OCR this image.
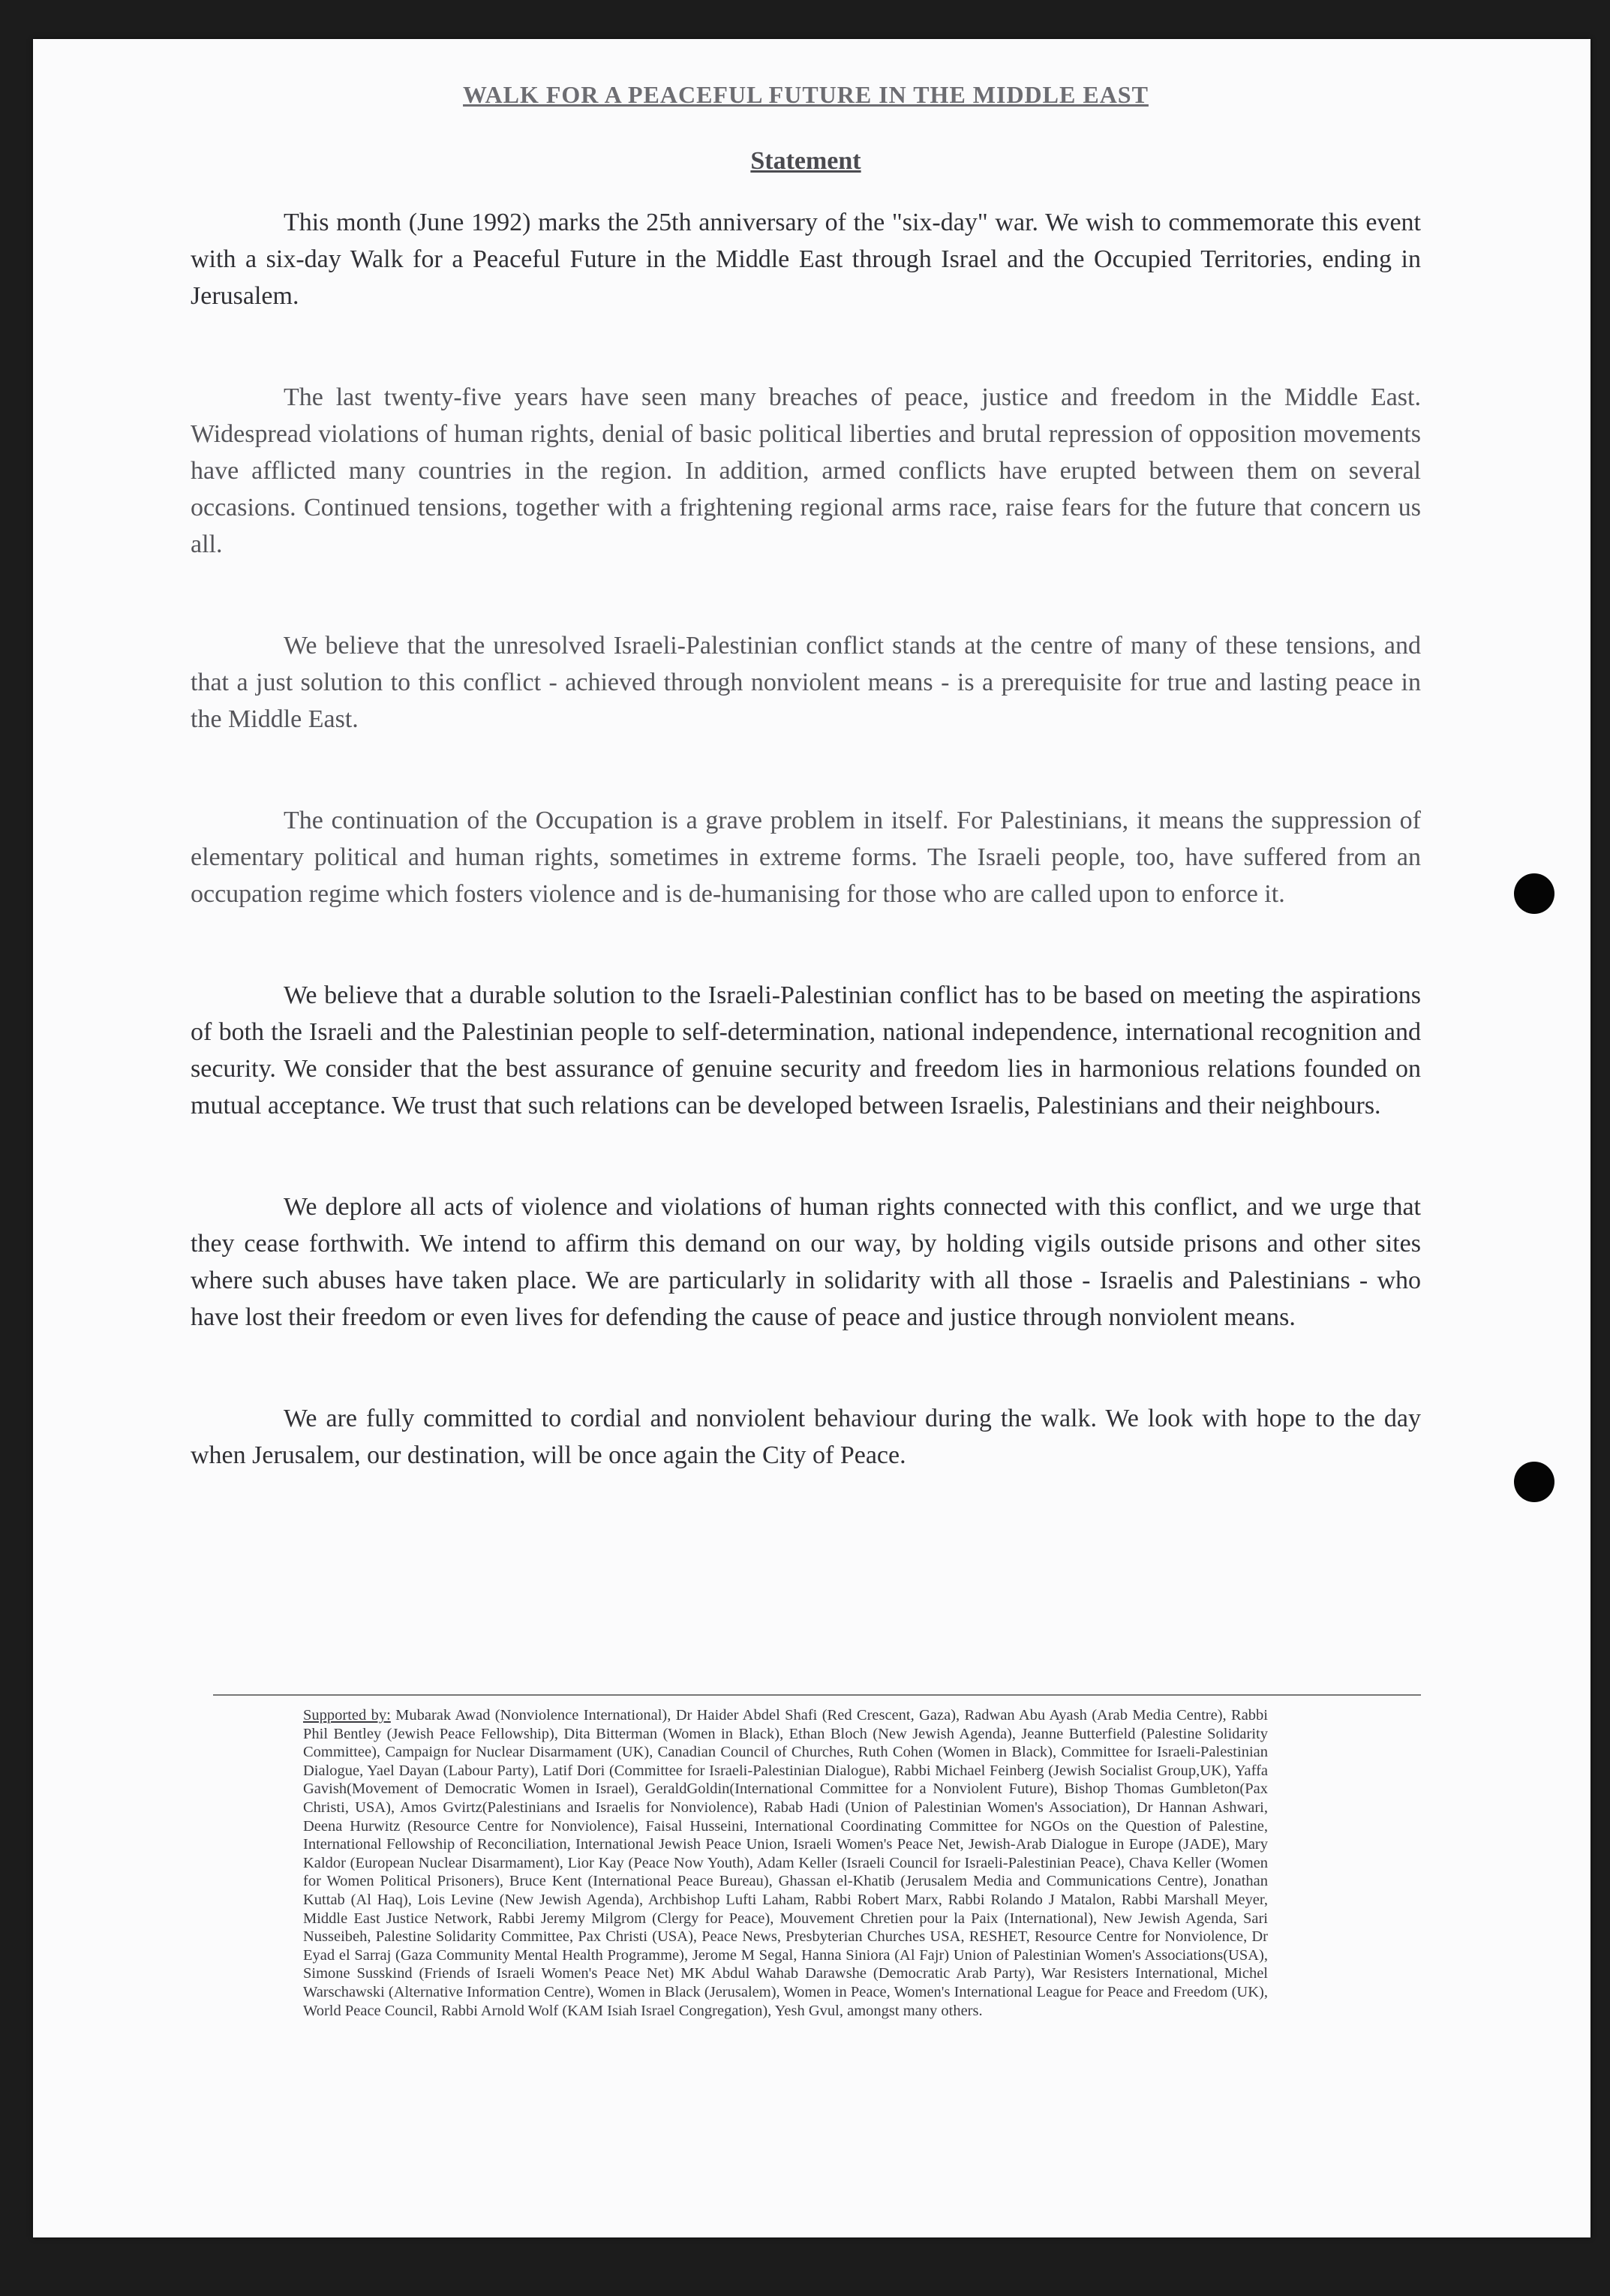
WALK FOR A PEACEFUL FUTURE IN THE MIDDLE EAST
Statement

This month (June 1992) marks the 25th anniversary of the "six-day" war. We wish to commemorate this event with a six-day Walk for a Peaceful Future in the Middle East through Israel and the Occupied Territories, ending in Jerusalem.

The last twenty-five years have seen many breaches of peace, justice and freedom in the Middle East. Widespread violations of human rights, denial of basic political liberties and brutal repression of opposition movements have afflicted many countries in the region. In addition, armed conflicts have erupted between them on several occasions. Continued tensions, together with a frightening regional arms race, raise fears for the future that concern us all.

We believe that the unresolved Israeli-Palestinian conflict stands at the centre of many of these tensions, and that a just solution to this conflict - achieved through nonviolent means - is a prerequisite for true and lasting peace in the Middle East.

The continuation of the Occupation is a grave problem in itself. For Palestinians, it means the suppression of elementary political and human rights, sometimes in extreme forms. The Israeli people, too, have suffered from an occupation regime which fosters violence and is de-humanising for those who are called upon to enforce it.

We believe that a durable solution to the Israeli-Palestinian conflict has to be based on meeting the aspirations of both the Israeli and the Palestinian people to self-determination, national independence, international recognition and security. We consider that the best assurance of genuine security and freedom lies in harmonious relations founded on mutual acceptance. We trust that such relations can be developed between Israelis, Palestinians and their neighbours.

We deplore all acts of violence and violations of human rights connected with this conflict, and we urge that they cease forthwith. We intend to affirm this demand on our way, by holding vigils outside prisons and other sites where such abuses have taken place. We are particularly in solidarity with all those - Israelis and Palestinians - who have lost their freedom or even lives for defending the cause of peace and justice through nonviolent means.

We are fully committed to cordial and nonviolent behaviour during the walk. We look with hope to the day when Jerusalem, our destination, will be once again the City of Peace.

Supported by: Mubarak Awad (Nonviolence International), Dr Haider Abdel Shafi (Red Crescent, Gaza), Radwan Abu Ayash (Arab Media Centre), Rabbi Phil Bentley (Jewish Peace Fellowship), Dita Bitterman (Women in Black), Ethan Bloch (New Jewish Agenda), Jeanne Butterfield (Palestine Solidarity Committee), Campaign for Nuclear Disarmament (UK), Canadian Council of Churches, Ruth Cohen (Women in Black), Committee for Israeli-Palestinian Dialogue, Yael Dayan (Labour Party), Latif Dori (Committee for Israeli-Palestinian Dialogue), Rabbi Michael Feinberg (Jewish Socialist Group,UK), Yaffa Gavish(Movement of Democratic Women in Israel), GeraldGoldin(International Committee for a Nonviolent Future), Bishop Thomas Gumbleton(Pax Christi, USA), Amos Gvirtz(Palestinians and Israelis for Nonviolence), Rabab Hadi (Union of Palestinian Women's Association), Dr Hannan Ashwari, Deena Hurwitz (Resource Centre for Nonviolence), Faisal Husseini, International Coordinating Committee for NGOs on the Question of Palestine, International Fellowship of Reconciliation, International Jewish Peace Union, Israeli Women's Peace Net, Jewish-Arab Dialogue in Europe (JADE), Mary Kaldor (European Nuclear Disarmament), Lior Kay (Peace Now Youth), Adam Keller (Israeli Council for Israeli-Palestinian Peace), Chava Keller (Women for Women Political Prisoners), Bruce Kent (International Peace Bureau), Ghassan el-Khatib (Jerusalem Media and Communications Centre), Jonathan Kuttab (Al Haq), Lois Levine (New Jewish Agenda), Archbishop Lufti Laham, Rabbi Robert Marx, Rabbi Rolando J Matalon, Rabbi Marshall Meyer, Middle East Justice Network, Rabbi Jeremy Milgrom (Clergy for Peace), Mouvement Chretien pour la Paix (International), New Jewish Agenda, Sari Nusseibeh, Palestine Solidarity Committee, Pax Christi (USA), Peace News, Presbyterian Churches USA, RESHET, Resource Centre for Nonviolence, Dr Eyad el Sarraj (Gaza Community Mental Health Programme), Jerome M Segal, Hanna Siniora (Al Fajr) Union of Palestinian Women's Associations(USA), Simone Susskind (Friends of Israeli Women's Peace Net) MK Abdul Wahab Darawshe (Democratic Arab Party), War Resisters International, Michel Warschawski (Alternative Information Centre), Women in Black (Jerusalem), Women in Peace, Women's International League for Peace and Freedom (UK), World Peace Council, Rabbi Arnold Wolf (KAM Isiah Israel Congregation), Yesh Gvul, amongst many others.
